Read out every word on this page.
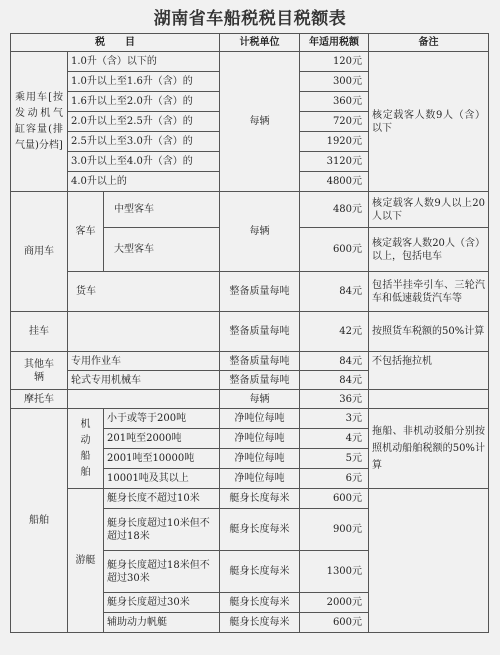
湖南省车船税税目税额表
税　　目			计税单位	年适用税额	备注
乘用车[按发动机气缸容量(排气量)分档]	1.0升（含）以下的		每辆	120元	核定载客人数9人（含）以下
	1.0升以上至1.6升（含）的			300元	
	1.6升以上至2.0升（含）的			360元	
	2.0升以上至2.5升（含）的			720元	
	2.5升以上至3.0升（含）的			1920元	
	3.0升以上至4.0升（含）的			3120元	
	4.0升以上的			4800元	
商用车	客车	中型客车	每辆	480元	核定载客人数9人以上20人以下
		大型客车		600元	核定载客人数20人（含）以上，包括电车
	货车		整备质量每吨	84元	包括半挂牵引车、三轮汽车和低速载货汽车等
挂车			整备质量每吨	42元	按照货车税额的50%计算
其他车辆	专用作业车		整备质量每吨	84元	不包括拖拉机
	轮式专用机械车		整备质量每吨	84元	
摩托车			每辆	36元	
船舶	机动船舶	小于或等于200吨	净吨位每吨	3元	拖船、非机动驳船分别按照机动船舶税额的50%计算
		201吨至2000吨	净吨位每吨	4元	
		2001吨至10000吨	净吨位每吨	5元	
		10001吨及其以上	净吨位每吨	6元	
	游艇	艇身长度不超过10米	艇身长度每米	600元	
		艇身长度超过10米但不超过18米	艇身长度每米	900元	
		艇身长度超过18米但不超过30米	艇身长度每米	1300元	
		艇身长度超过30米	艇身长度每米	2000元	
		辅助动力帆艇	艇身长度每米	600元	
